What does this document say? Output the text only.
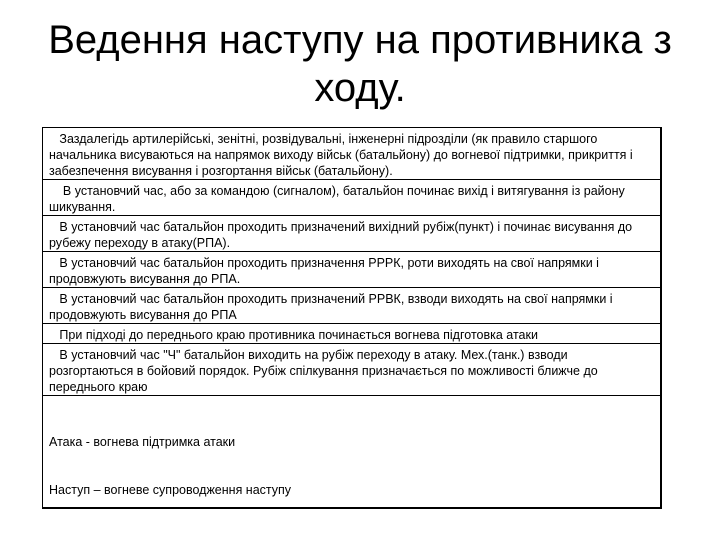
Ведення наступу на противника з
ходу.
Заздалегідь артилерійські, зенітні, розвідувальні, інженерні підрозділи (як правило старшого начальника висуваються на напрямок виходу військ (батальйону) до вогневої підтримки, прикриття і забезпечення висування і розгортання військ (батальйону).
В установчий час, або за командою (сигналом), батальйон починає вихід і витягування із району шикування.
В установчий час батальйон проходить призначений вихідний рубіж(пункт) і починає висування до рубежу переходу в атаку(РПА).
В установчий час батальйон проходить призначення РРРК, роти виходять на свої напрямки і продовжують висування до РПА.
В установчий час батальйон проходить призначений РРВК, взводи виходять на свої напрямки і продовжують висування до РПА
При підході до переднього краю противника починається вогнева підготовка атаки
В установчий час "Ч" батальйон виходить на рубіж переходу в атаку. Мех.(танк.) взводи розгортаються в бойовий порядок. Рубіж спілкування призначається по можливості ближче до переднього краю

Атака - вогнева підтримка атаки

Наступ – вогневе супроводження наступу
